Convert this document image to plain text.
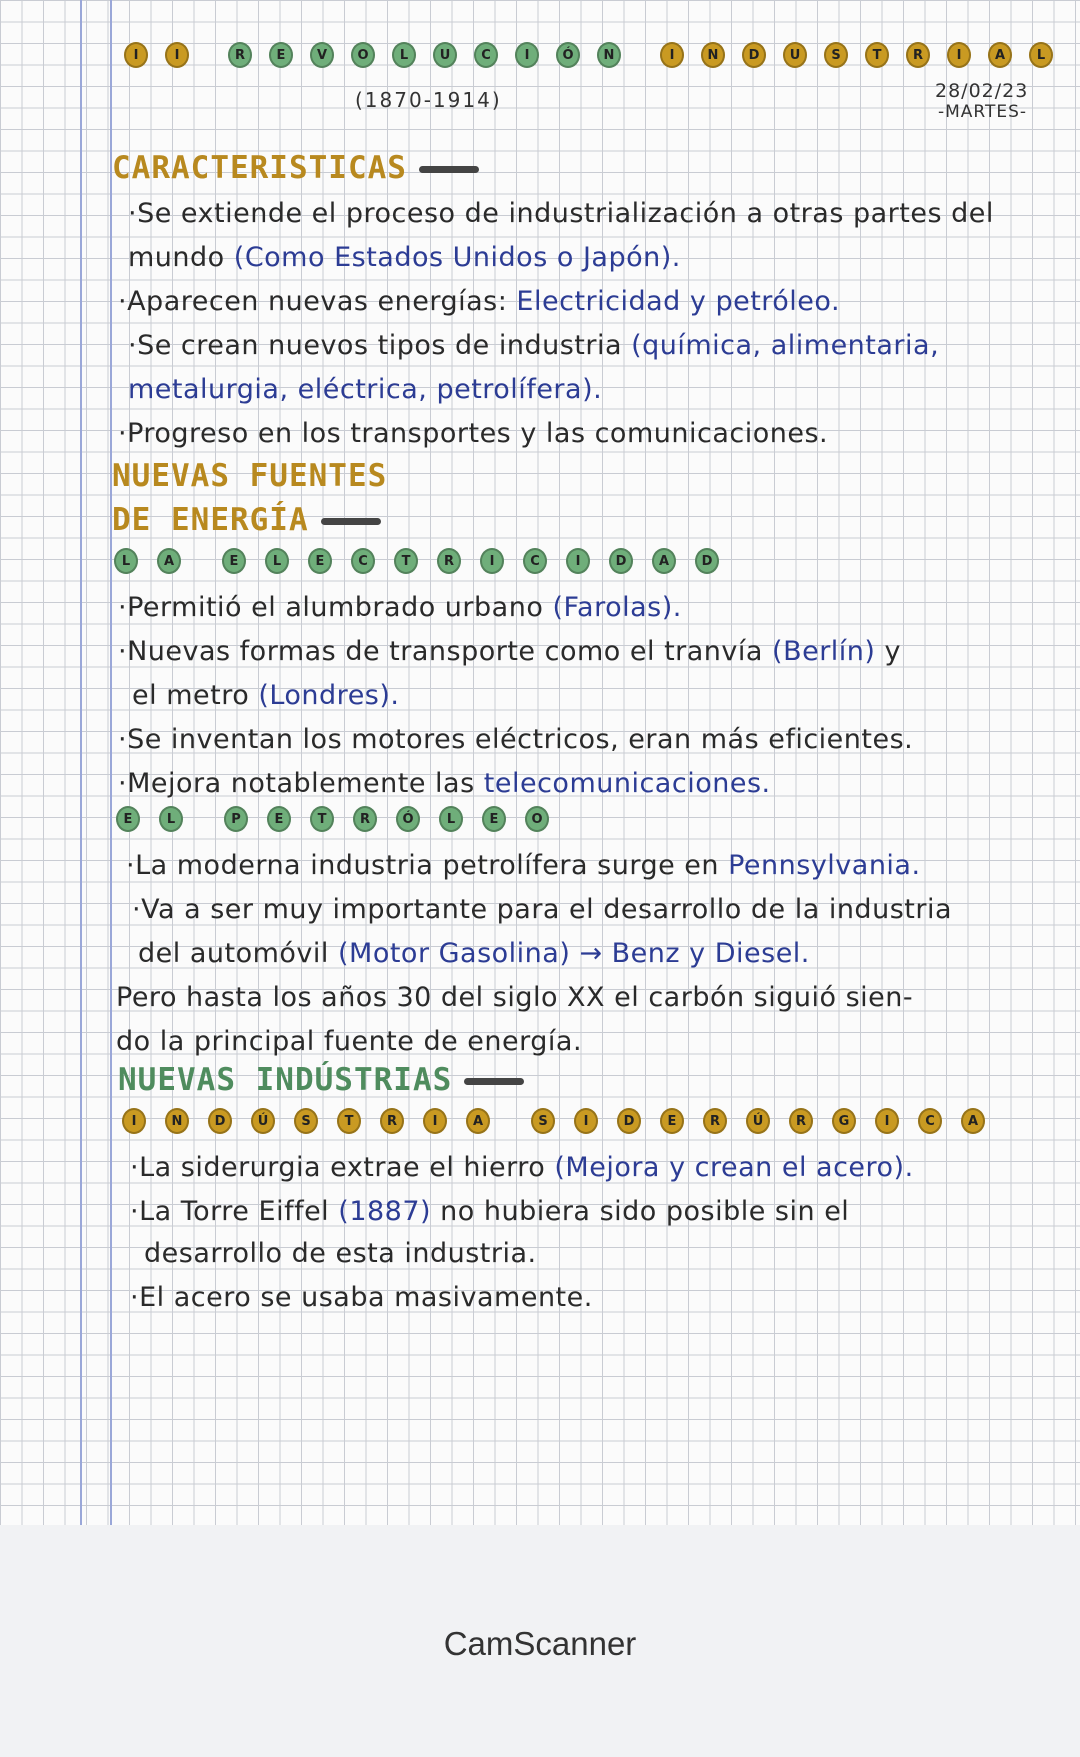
I	I	R	E	V	O	L	U	C	I	Ó	N	I	N	D	U	S	T	R	I	A	L
(1870-1914)	28/02/23
-MARTES-
CARACTERISTICAS
·Se extiende el proceso de industrialización a otras partes del
mundo (Como Estados Unidos o Japón).
·Aparecen nuevas energías: Electricidad y petróleo.
·Se crean nuevos tipos de industria (química, alimentaria,
metalurgia, eléctrica, petrolífera).
·Progreso en los transportes y las comunicaciones.
NUEVAS FUENTES
DE ENERGÍA
L	A	E	L	E	C	T	R	I	C	I	D	A	D
·Permitió el alumbrado urbano (Farolas).
·Nuevas formas de transporte como el tranvía (Berlín) y
el metro (Londres).
·Se inventan los motores eléctricos, eran más eficientes.
·Mejora notablemente las telecomunicaciones.
E	L	P	E	T	R	Ó	L	E	O
·La moderna industria petrolífera surge en Pennsylvania.
·Va a ser muy importante para el desarrollo de la industria
del automóvil (Motor Gasolina) → Benz y Diesel.
Pero hasta los años 30 del siglo XX el carbón siguió sien-
do la principal fuente de energía.
NUEVAS INDÚSTRIAS
I	N	D	Ú	S	T	R	I	A	S	I	D	E	R	Ú	R	G	I	C	A
·La siderurgia extrae el hierro (Mejora y crean el acero).
·La Torre Eiffel (1887) no hubiera sido posible sin el
desarrollo de esta industria.
·El acero se usaba masivamente.
CamScanner
